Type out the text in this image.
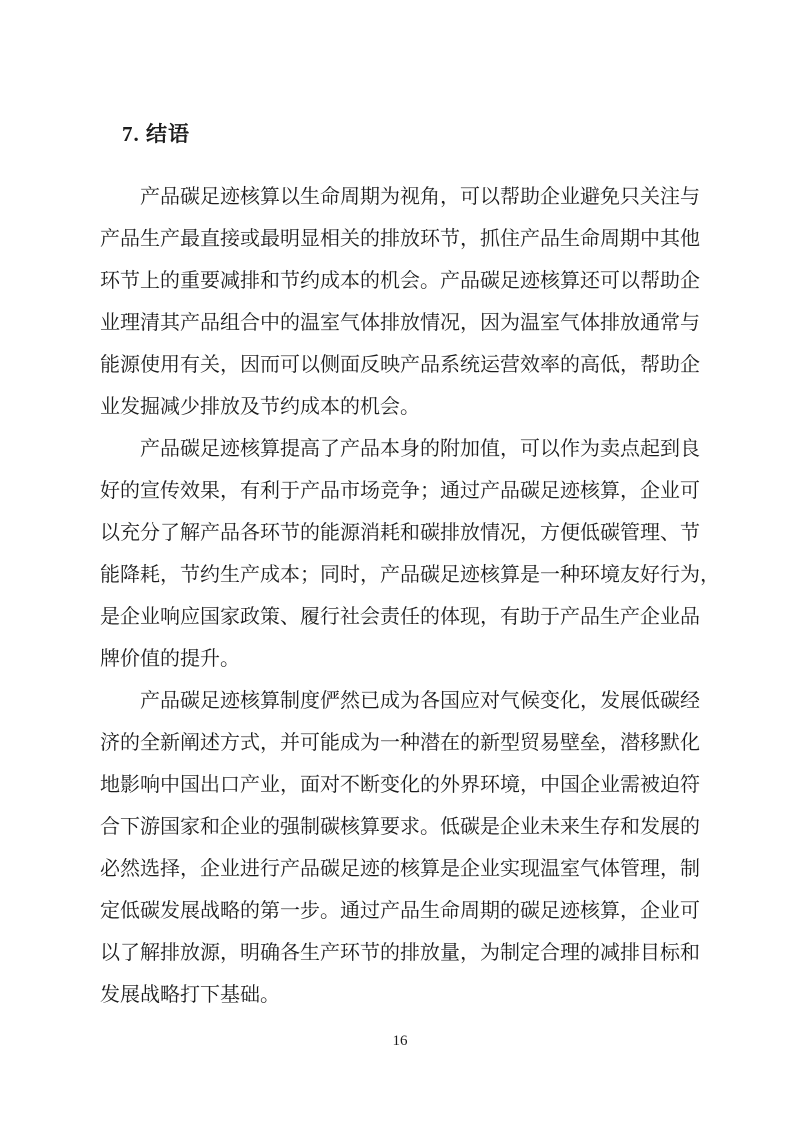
7. 结语
产品碳足迹核算以生命周期为视角，可以帮助企业避免只关注与
产品生产最直接或最明显相关的排放环节，抓住产品生命周期中其他
环节上的重要减排和节约成本的机会。产品碳足迹核算还可以帮助企
业理清其产品组合中的温室气体排放情况，因为温室气体排放通常与
能源使用有关，因而可以侧面反映产品系统运营效率的高低，帮助企
业发掘减少排放及节约成本的机会。
产品碳足迹核算提高了产品本身的附加值，可以作为卖点起到良
好的宣传效果，有利于产品市场竞争；通过产品碳足迹核算，企业可
以充分了解产品各环节的能源消耗和碳排放情况，方便低碳管理、节
能降耗，节约生产成本；同时，产品碳足迹核算是一种环境友好行为，
是企业响应国家政策、履行社会责任的体现，有助于产品生产企业品
牌价值的提升。
产品碳足迹核算制度俨然已成为各国应对气候变化，发展低碳经
济的全新阐述方式，并可能成为一种潜在的新型贸易壁垒，潜移默化
地影响中国出口产业，面对不断变化的外界环境，中国企业需被迫符
合下游国家和企业的强制碳核算要求。低碳是企业未来生存和发展的
必然选择，企业进行产品碳足迹的核算是企业实现温室气体管理，制
定低碳发展战略的第一步。通过产品生命周期的碳足迹核算，企业可
以了解排放源，明确各生产环节的排放量，为制定合理的减排目标和
发展战略打下基础。
16
